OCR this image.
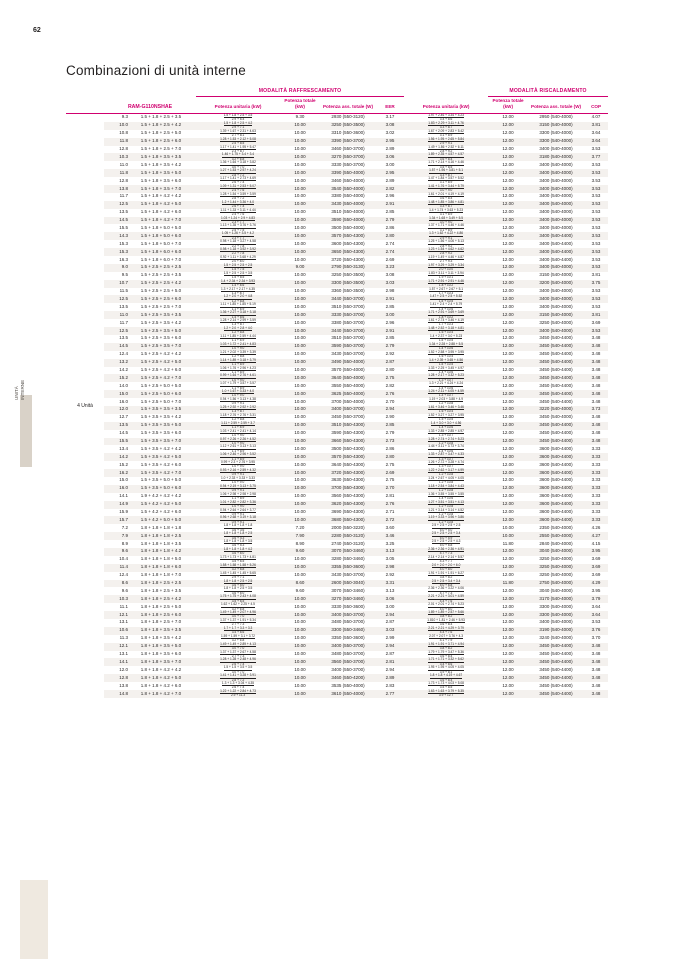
62
Combinazioni di unità interne
UNITÀ INTERNE
		MODALITÀ RAFFRESCAMENTO					MODALITÀ RISCALDAMENTO			
	RAM-G110NSHAE	Potenza unitaria (kW)	Potenza totale (kW)	Potenza ass. totale (W)	EER	Potenza unitaria (kW)	Potenza totale (kW)	Potenza ass. totale (W)	COP	
4 Unità	9.3 1.5 + 1.8 + 2.5 + 3.5	$\frac{1.5 + 1.8 + 2.5 + 3.5}{2.9 + 6.4}$	9.30	2930 (550-3120)	3.17	$\frac{1.97 + 2.46 + 3.34 + 4.23}{3.4 + 8.6}$	12.00	2950 (540-4000)	4.07	
	10.0 1.5 + 1.8 + 2.5 + 4.2	$\frac{1.5 + 1.8 + 2.5 + 4.2}{2.9 + 7.1}$	10.00	3250 (550-3500)	3.08	$\frac{1.83 + 2.29 + 3.11 + 4.76}{3.3 + 8.7}$	12.00	3150 (540-4000)	3.81	
	10.8 1.5 + 1.8 + 2.5 + 5.0	$\frac{1.39 + 1.67 + 2.31 + 4.63}{2.7 + 8.1}$	10.00	3310 (550-3600)	3.02	$\frac{1.67 + 2.09 + 2.83 + 5.42}{3.1 + 8.9}$	12.00	3300 (540-4000)	3.64	
	11.8 1.5 + 1.8 + 2.5 + 6.0	$\frac{1.28 + 1.53 + 2.12 + 5.08}{2.5 + 8.5}$	10.00	3390 (550-3700)	2.95	$\frac{1.56 + 1.95 + 2.65 + 5.84}{2.9 + 9.1}$	12.00	3300 (540-4000)	3.64	
	12.8 1.5 + 1.8 + 2.5 + 7.0	$\frac{1.17 + 1.41 + 1.95 + 5.47}{2.3 + 8.7}$	10.00	3460 (550-3700)	2.89	$\frac{1.49 + 1.86 + 2.52 + 6.11}{2.8 + 9.2}$	12.00	3400 (540-4000)	3.53	
	10.3 1.5 + 1.8 + 3.5 + 3.5	$\frac{1.46 + 1.75 + 3.4 + 3.4}{3.2 + 6.8}$	10.00	3270 (550-3700)	3.06	$\frac{1.89 + 2.35 + 4.57 + 4.57}{3.6 + 8.4}$	12.00	3180 (540-4000)	3.77	
	11.0 1.5 + 1.8 + 3.5 + 4.2	$\frac{1.36 + 1.64 + 3.18 + 3.82}{3.0 + 7.0}$	10.00	3330 (550-3700)	3.00	$\frac{1.71 + 2.14 + 4.16 + 4.46}{3.5 + 8.5}$	12.00	3400 (540-4000)	3.53	
	11.8 1.5 + 1.8 + 3.5 + 5.0	$\frac{1.27 + 1.53 + 2.97 + 4.24}{2.8 + 7.2}$	10.00	3390 (550-4000)	2.95	$\frac{1.57 + 1.96 + 3.81 + 5.1}{3.3 + 8.7}$	12.00	3400 (540-4000)	3.53	
	12.8 1.5 + 1.8 + 3.5 + 6.0	$\frac{1.17 + 1.41 + 2.73 + 4.69}{2.6 + 7.4}$	10.00	3460 (550-4000)	2.89	$\frac{1.47 + 1.84 + 3.57 + 5.52}{3.1 + 8.9}$	12.00	3400 (540-4000)	3.53	
	13.8 1.5 + 1.8 + 3.5 + 7.0	$\frac{1.09 + 1.31 + 2.53 + 5.07}{2.4 + 7.6}$	10.00	3540 (550-4000)	2.82	$\frac{1.41 + 1.76 + 3.44 + 5.79}{3.0 + 9.0}$	12.00	3400 (540-4000)	3.53	
	11.7 1.5 + 1.8 + 4.2 + 4.2	$\frac{1.28 + 1.54 + 3.59 + 3.59}{2.8 + 7.2}$	10.00	3380 (550-4000)	2.96	$\frac{1.61 + 2.01 + 4.19 + 4.19}{3.6 + 8.4}$	12.00	3400 (540-4000)	3.53	
	12.5 1.5 + 1.8 + 4.2 + 5.0	$\frac{1.2 + 1.44 + 3.36 + 4.0}{2.6 + 7.4}$	10.00	3430 (550-4000)	2.91	$\frac{1.48 + 1.85 + 3.86 + 4.81}{3.3 + 8.7}$	12.00	3400 (540-4000)	3.53	
	13.5 1.5 + 1.8 + 4.2 + 6.0	$\frac{1.11 + 1.33 + 3.11 + 4.44}{2.4 + 7.6}$	10.00	3510 (550-4000)	2.85	$\frac{1.4 + 1.74 + 3.63 + 5.23}{3.1 + 8.9}$	12.00	3400 (540-4000)	3.53	
	14.5 1.5 + 1.8 + 4.2 + 7.0	$\frac{1.03 + 1.24 + 2.9 + 4.83}{2.3 + 7.7}$	10.00	3590 (550-4000)	2.79	$\frac{1.34 + 1.68 + 3.49 + 5.5}{3.0 + 9.0}$	12.00	3400 (540-4000)	3.53	
	15.5 1.5 + 1.8 + 5.0 + 5.0	$\frac{1.13 + 1.35 + 3.76 + 3.76}{2.5 + 7.5}$	10.00	3500 (550-4000)	2.86	$\frac{1.37 + 1.71 + 4.46 + 4.46}{3.1 + 8.9}$	12.00	3400 (540-4000)	3.53	
	14.3 1.5 + 1.8 + 5.0 + 6.0	$\frac{1.05 + 1.26 + 3.5 + 4.2}{2.3 + 7.7}$	10.00	3570 (550-4300)	2.80	$\frac{1.3 + 1.62 + 4.22 + 4.86}{2.9 + 9.1}$	12.00	3400 (540-4400)	3.53	
	15.3 1.5 + 1.8 + 5.0 + 7.0	$\frac{0.98 + 1.18 + 3.27 + 4.58}{2.2 + 7.8}$	10.00	3600 (550-4300)	2.74	$\frac{1.25 + 1.56 + 4.06 + 5.13}{2.8 + 9.2}$	12.00	3400 (540-4400)	3.53	
	15.3 1.5 + 1.8 + 6.0 + 6.0	$\frac{0.98 + 1.18 + 3.92 + 3.92}{2.2 + 7.8}$	10.00	3650 (550-4300)	2.74	$\frac{1.23 + 1.54 + 4.62 + 4.62}{2.8 + 9.2}$	12.00	3400 (540-4400)	3.53	
	16.3 1.5 + 1.8 + 6.0 + 7.0	$\frac{0.92 + 1.11 + 3.68 + 4.29}{2.0 + 8.0}$	10.00	3720 (550-4300)	2.69	$\frac{1.19 + 1.49 + 4.46 + 4.87}{2.7 + 9.3}$	12.00	3400 (540-4400)	3.53	
	9.0 1.5 + 2.5 + 2.5 + 2.5	$\frac{1.5 + 2.5 + 2.5 + 2.5}{1.5 + 7.5}$	9.00	2790 (550-3130)	3.23	$\frac{1.97 + 3.29 + 3.29 + 3.34}{2.0 + 10.0}$	12.00	3400 (540-4000)	3.53	
	9.5 1.5 + 2.5 + 2.5 + 3.5	$\frac{1.5 + 2.5 + 2.5 + 3.5}{1.5 + 8.5}$	10.00	3250 (550-3500)	3.08	$\frac{1.83 + 3.11 + 3.11 + 3.94}{1.9 + 10.1}$	12.00	3150 (540-4000)	3.81	
	10.7 1.5 + 2.5 + 2.5 + 4.2	$\frac{1.4 + 2.34 + 2.34 + 3.93}{1.4 + 8.6}$	10.00	3300 (550-3500)	3.03	$\frac{1.71 + 2.91 + 2.91 + 4.46}{1.8 + 10.2}$	12.00	3200 (540-4000)	3.75	
	11.5 1.5 + 2.5 + 2.5 + 5.0	$\frac{1.3 + 2.17 + 2.17 + 4.35}{1.3 + 8.7}$	10.00	3360 (550-3500)	2.98	$\frac{1.57 + 2.67 + 2.67 + 5.1}{1.7 + 10.3}$	12.00	3400 (540-4000)	3.53	
	12.5 1.5 + 2.5 + 2.5 + 6.0	$\frac{1.2 + 2.0 + 2.0 + 4.8}{1.2 + 8.8}$	10.00	3440 (550-3700)	2.91	$\frac{1.47 + 2.5 + 2.5 + 5.52}{1.5 + 10.5}$	12.00	3400 (540-4000)	3.53	
	13.5 1.5 + 2.5 + 2.5 + 7.0	$\frac{1.11 + 1.85 + 1.85 + 5.19}{1.1 + 8.9}$	10.00	3510 (550-3700)	2.85	$\frac{1.41 + 2.4 + 2.4 + 5.79}{1.4 + 10.6}$	12.00	3400 (540-4000)	3.53	
	11.0 1.5 + 2.5 + 3.5 + 3.5	$\frac{1.36 + 2.27 + 3.18 + 3.18}{1.4 + 8.6}$	10.00	3330 (550-3700)	3.00	$\frac{1.71 + 2.91 + 3.69 + 3.69}{1.8 + 10.2}$	12.00	3150 (540-4000)	3.81	
	11.7 1.5 + 2.5 + 3.5 + 4.2	$\frac{1.28 + 2.14 + 2.99 + 3.59}{1.3 + 8.7}$	10.00	3380 (550-3700)	2.96	$\frac{1.61 + 2.74 + 3.46 + 4.19}{1.7 + 10.3}$	12.00	3250 (540-4000)	3.69	
	12.5 1.5 + 2.5 + 3.5 + 5.0	$\frac{1.2 + 2.0 + 2.8 + 4.0}{1.2 + 8.8}$	10.00	3440 (550-3700)	2.91	$\frac{1.48 + 2.52 + 3.18 + 4.81}{1.6 + 10.4}$	12.00	3400 (540-4000)	3.53	
	13.5 1.5 + 2.5 + 3.5 + 6.0	$\frac{1.11 + 1.85 + 2.59 + 4.44}{1.1 + 8.9}$	10.00	3510 (550-3700)	2.85	$\frac{1.4 + 2.37 + 3.0 + 5.23}{1.5 + 10.5}$	12.00	3450 (540-4400)	3.48	
	14.5 1.5 + 2.5 + 3.5 + 7.0	$\frac{1.03 + 1.72 + 2.41 + 4.83}{1.0 + 9.0}$	10.00	3590 (550-3700)	2.79	$\frac{1.34 + 2.28 + 2.88 + 5.5}{1.4 + 10.6}$	12.00	3450 (540-4400)	3.48	
	12.4 1.5 + 2.5 + 4.2 + 4.2	$\frac{1.21 + 2.02 + 3.39 + 3.39}{1.2 + 8.8}$	10.00	3430 (550-3700)	2.92	$\frac{1.52 + 2.58 + 3.95 + 3.95}{1.6 + 10.4}$	12.00	3450 (540-4400)	3.48	
	13.2 1.5 + 2.5 + 4.2 + 5.0	$\frac{1.14 + 1.89 + 3.18 + 3.79}{1.1 + 8.9}$	10.00	3490 (550-4000)	2.87	$\frac{1.4 + 2.39 + 3.65 + 4.56}{1.5 + 10.5}$	12.00	3450 (540-4400)	3.48	
	14.2 1.5 + 2.5 + 4.2 + 6.0	$\frac{1.06 + 1.76 + 2.96 + 4.23}{1.1 + 8.9}$	10.00	3570 (550-4000)	2.80	$\frac{1.33 + 2.25 + 3.45 + 4.97}{1.4 + 10.6}$	12.00	3450 (540-4400)	3.48	
	15.2 1.5 + 2.5 + 4.2 + 7.0	$\frac{0.99 + 1.64 + 2.76 + 4.61}{1.0 + 9.0}$	10.00	3640 (550-4000)	2.75	$\frac{1.28 + 2.17 + 3.32 + 5.23}{1.3 + 10.7}$	12.00	3450 (540-4400)	3.48	
	14.0 1.5 + 2.5 + 5.0 + 5.0	$\frac{1.07 + 1.79 + 3.57 + 3.57}{1.1 + 8.9}$	10.00	3550 (550-4000)	2.82	$\frac{1.3 + 2.21 + 4.24 + 4.24}{1.4 + 10.6}$	12.00	3450 (540-4400)	3.48	
	15.0 1.5 + 2.5 + 5.0 + 6.0	$\frac{1.0 + 1.67 + 3.33 + 4.0}{1.0 + 9.0}$	10.00	3625 (550-4000)	2.76	$\frac{1.24 + 2.11 + 4.05 + 4.59}{1.3 + 10.7}$	12.00	3450 (540-4400)	3.48	
	16.0 1.5 + 2.5 + 5.0 + 7.0	$\frac{0.94 + 1.56 + 3.13 + 4.38}{0.9 + 9.1}$	10.00	3700 (550-4000)	2.70	$\frac{1.19 + 2.03 + 3.88 + 4.9}{1.2 + 10.8}$	12.00	3450 (540-4400)	3.48	
	12.0 1.5 + 3.5 + 3.5 + 3.5	$\frac{1.25 + 2.92 + 2.92 + 2.92}{1.3 + 8.7}$	10.00	3400 (550-3700)	2.94	$\frac{1.61 + 3.46 + 3.46 + 3.46}{1.6 + 10.4}$	12.00	3220 (540-4000)	3.73	
	12.7 1.5 + 3.5 + 3.5 + 4.2	$\frac{1.18 + 2.76 + 2.76 + 3.31}{1.2 + 8.8}$	10.00	3450 (550-3700)	2.90	$\frac{1.52 + 3.27 + 3.27 + 3.95}{1.5 + 10.5}$	12.00	3450 (540-4000)	3.48	
	13.5 1.5 + 3.5 + 3.5 + 5.0	$\frac{1.11 + 2.59 + 2.59 + 3.7}{1.1 + 8.9}$	10.00	3510 (550-4300)	2.85	$\frac{1.4 + 3.0 + 3.0 + 4.56}{1.4 + 10.6}$	12.00	3450 (540-4400)	3.48	
	14.5 1.5 + 3.5 + 3.5 + 6.0	$\frac{1.03 + 2.41 + 2.41 + 4.14}{1.0 + 9.0}$	10.00	3590 (550-4300)	2.79	$\frac{1.33 + 2.85 + 2.85 + 4.97}{1.3 + 10.7}$	12.00	3450 (540-4400)	3.48	
	15.5 1.5 + 3.5 + 3.5 + 7.0	$\frac{0.97 + 2.26 + 2.26 + 4.52}{1.0 + 9.0}$	10.00	3660 (550-4300)	2.73	$\frac{1.28 + 2.74 + 2.74 + 5.23}{1.2 + 10.8}$	12.00	3450 (540-4400)	3.48	
	13.4 1.5 + 3.5 + 4.2 + 4.2	$\frac{1.12 + 2.61 + 3.13 + 3.13}{1.1 + 8.9}$	10.00	3500 (550-4300)	2.86	$\frac{1.44 + 3.11 + 3.73 + 3.74}{1.4 + 10.6}$	12.00	3600 (540-4400)	3.33	
	14.2 1.5 + 3.5 + 4.2 + 5.0	$\frac{1.06 + 2.46 + 2.96 + 3.52}{1.1 + 8.9}$	10.00	3570 (550-4300)	2.80	$\frac{1.33 + 2.87 + 3.47 + 4.33}{1.3 + 10.7}$	12.00	3600 (540-4400)	3.33	
	15.2 1.5 + 3.5 + 4.2 + 6.0	$\frac{0.99 + 2.3 + 2.76 + 3.95}{1.0 + 9.0}$	10.00	3640 (550-4300)	2.75	$\frac{1.26 + 2.72 + 3.28 + 4.74}{1.3 + 10.7}$	12.00	3600 (540-4400)	3.33	
	16.2 1.5 + 3.5 + 4.2 + 7.0	$\frac{0.93 + 2.16 + 2.59 + 4.32}{0.9 + 9.1}$	10.00	3720 (550-4300)	2.69	$\frac{1.22 + 2.62 + 3.17 + 4.99}{1.2 + 10.8}$	12.00	3600 (540-4400)	3.33	
	15.0 1.5 + 3.5 + 5.0 + 5.0	$\frac{1.0 + 2.33 + 3.33 + 3.33}{1.0 + 9.0}$	10.00	3630 (550-4300)	2.75	$\frac{1.24 + 2.67 + 4.05 + 4.05}{1.2 + 10.8}$	12.00	3600 (540-4400)	3.33	
	16.0 1.5 + 3.5 + 5.0 + 6.0	$\frac{0.94 + 2.19 + 3.13 + 3.75}{0.9 + 9.1}$	10.00	3700 (550-4300)	2.70	$\frac{1.18 + 2.54 + 3.84 + 4.43}{1.2 + 10.8}$	12.00	3600 (540-4400)	3.33	
	14.1 1.9 + 4.2 + 4.2 + 4.2	$\frac{1.06 + 2.98 + 2.98 + 2.98}{1.1 + 8.9}$	10.00	3560 (550-4300)	2.81	$\frac{1.36 + 3.55 + 3.55 + 3.55}{1.4 + 10.6}$	12.00	3600 (540-4400)	3.33	
	14.9 1.5 + 4.2 + 4.2 + 5.0	$\frac{1.01 + 2.82 + 2.82 + 3.36}{1.0 + 9.0}$	10.00	3620 (550-4300)	2.76	$\frac{1.27 + 3.51 + 3.51 + 4.13}{1.2 + 10.8}$	12.00	3600 (540-4400)	3.33	
	15.9 1.5 + 4.2 + 4.2 + 6.0	$\frac{0.94 + 2.64 + 2.64 + 3.77}{0.9 + 9.1}$	10.00	3690 (550-4300)	2.71	$\frac{1.21 + 3.14 + 3.14 + 4.52}{1.2 + 10.8}$	12.00	3600 (540-4400)	3.33	
	15.7 1.5 + 4.2 + 5.0 + 5.0	$\frac{0.96 + 2.68 + 3.19 + 3.18}{0.9 + 9.1}$	10.00	3680 (550-4300)	2.72	$\frac{1.19 + 3.33 + 3.96 + 3.86}{1.2 + 10.8}$	12.00	3600 (540-4400)	3.33	
	7.2 1.8 + 1.8 + 1.8 + 1.8	$\frac{1.8 + 1.8 + 1.8 + 1.8}{3.6 + 3.6}$	7.20	2000 (550-3220)	3.60	$\frac{2.5 + 2.5 + 2.5 + 2.5}{5.0 + 5.0}$	10.00	2350 (540-4000)	4.26	
	7.9 1.8 + 1.8 + 1.8 + 2.5	$\frac{1.8 + 1.8 + 1.8 + 2.5}{3.6 + 4.3}$	7.90	2280 (550-3120)	3.46	$\frac{2.5 + 2.5 + 2.5 + 3.4}{5.0 + 5.9}$	10.00	2550 (540-4000)	4.27	
	8.9 1.8 + 1.8 + 1.8 + 3.5	$\frac{1.8 + 1.8 + 1.8 + 3.5}{3.6 + 5.3}$	8.90	2740 (550-3120)	3.25	$\frac{2.5 + 2.5 + 2.5 + 4.3}{5.0 + 6.8}$	11.80	2840 (540-4000)	4.15	
	9.6 1.8 + 1.8 + 1.8 + 4.2	$\frac{1.8 + 1.8 + 1.8 + 4.2}{3.6 + 6.0}$	9.60	3070 (550-3460)	3.13	$\frac{2.36 + 2.36 + 2.36 + 4.91}{4.7 + 7.3}$	12.00	3040 (540-4000)	3.95	
	10.4 1.8 + 1.8 + 1.8 + 5.0	$\frac{1.73 + 1.73 + 1.73 + 4.81}{3.5 + 6.5}$	10.00	3280 (550-3460)	3.05	$\frac{2.14 + 2.14 + 2.14 + 5.57}{4.3 + 7.7}$	12.00	3250 (540-4000)	3.69	
	11.4 1.8 + 1.8 + 1.8 + 6.0	$\frac{1.58 + 1.58 + 1.58 + 5.26}{3.2 + 6.8}$	10.00	3355 (550-3600)	2.98	$\frac{2.0 + 2.0 + 2.0 + 6.0}{4.0 + 8.0}$	12.00	3250 (540-4000)	3.69	
	12.4 1.8 + 1.8 + 1.8 + 7.0	$\frac{1.45 + 1.45 + 1.45 + 5.65}{2.9 + 7.1}$	10.00	3430 (550-3700)	2.92	$\frac{1.91 + 1.91 + 1.91 + 6.27}{3.8 + 8.2}$	12.00	3250 (540-4000)	3.69	
	8.6 1.8 + 1.8 + 2.5 + 2.5	$\frac{1.8 + 1.8 + 2.5 + 2.5}{3.6 + 5.0}$	8.60	2600 (550-3040)	3.31	$\frac{2.5 + 2.5 + 3.4 + 3.4}{5.0 + 6.8}$	11.80	2750 (540-4000)	4.29	
	9.6 1.8 + 1.8 + 2.5 + 3.5	$\frac{1.8 + 1.8 + 2.5 + 3.5}{3.6 + 6.0}$	9.60	3070 (550-3460)	3.13	$\frac{2.36 + 2.36 + 3.22 + 4.06}{4.7 + 7.3}$	12.00	3040 (540-4000)	3.95	
	10.3 1.8 + 1.8 + 2.5 + 4.2	$\frac{1.75 + 1.75 + 2.43 + 4.08}{3.5 + 6.5}$	10.00	3270 (550-3460)	3.06	$\frac{2.21 + 2.21 + 3.01 + 4.59}{4.4 + 7.6}$	12.00	3170 (540-4000)	3.79	
	11.1 1.8 + 1.8 + 2.5 + 5.0	$\frac{1.62 + 1.62 + 2.25 + 4.5}{3.2 + 6.8}$	10.00	3330 (550-3600)	3.00	$\frac{2.01 + 2.01 + 2.74 + 5.23}{4.0 + 8.0}$	12.00	3300 (540-4000)	3.64	
	12.1 1.8 + 1.8 + 2.5 + 6.0	$\frac{1.49 + 1.49 + 2.07 + 4.96}{3.0 + 7.0}$	10.00	3400 (550-3700)	2.94	$\frac{1.89 + 1.89 + 2.57 + 5.66}{3.8 + 8.2}$	12.00	3300 (540-4000)	3.64	
	13.1 1.8 + 1.8 + 2.5 + 7.0	$\frac{1.37 + 1.37 + 1.91 + 5.34}{2.7 + 7.3}$	10.00	3480 (550-3700)	2.87	$\frac{1.810 + 1.81 + 2.46 + 5.93}{3.6 + 8.4}$	12.00	3400 (540-4000)	3.53	
	10.6 1.8 + 1.8 + 3.5 + 3.5	$\frac{1.7 + 1.7 + 3.3 + 3.3}{3.4 + 6.6}$	10.00	3300 (550-3460)	3.03	$\frac{2.21 + 2.21 + 4.29 + 3.79}{4.4 + 7.6}$	12.00	3190 (540-4000)	3.76	
	11.3 1.8 + 1.8 + 3.5 + 4.2	$\frac{1.59 + 1.59 + 3.1 + 3.72}{3.2 + 6.8}$	10.00	3350 (550-3600)	2.99	$\frac{2.07 + 2.07 + 3.76 + 4.3}{4.1 + 7.9}$	12.00	3240 (540-4000)	3.70	
	12.1 1.8 + 1.8 + 3.5 + 5.0	$\frac{1.49 + 1.49 + 2.89 + 4.13}{3.0 + 7.0}$	10.00	3400 (550-3700)	2.94	$\frac{1.91 + 1.91 + 3.71 + 4.94}{3.8 + 8.2}$	12.00	3450 (540-4400)	3.48	
	13.1 1.8 + 1.8 + 3.5 + 6.0	$\frac{1.37 + 1.37 + 2.67 + 4.58}{2.7 + 7.3}$	10.00	3480 (550-3700)	2.87	$\frac{1.79 + 1.79 + 3.47 + 5.36}{3.6 + 8.4}$	12.00	3450 (540-4400)	3.48	
	14.1 1.8 + 1.8 + 3.5 + 7.0	$\frac{1.28 + 1.28 + 2.48 + 4.96}{2.6 + 7.4}$	10.00	3560 (550-3700)	2.81	$\frac{1.71 + 1.71 + 3.32 + 5.62}{3.4 + 8.6}$	12.00	3450 (540-4400)	3.48	
	12.0 1.8 + 1.8 + 4.2 + 4.2	$\frac{1.5 + 1.5 + 3.5 + 3.5}{3.0 + 7.0}$	10.00	3400 (550-3700)	2.94	$\frac{1.95 + 1.95 + 4.05 + 4.05}{3.9 + 8.1}$	12.00	3450 (540-4400)	3.48	
	12.8 1.8 + 1.8 + 4.2 + 5.0	$\frac{1.41 + 1.41 + 3.28 + 3.91}{2.8 + 7.2}$	10.00	3460 (550-4200)	2.89	$\frac{1.8 + 1.8 + 4.19 + 4.67}{3.6 + 8.4}$	12.00	3450 (540-4400)	3.48	
	13.8 1.8 + 1.8 + 4.2 + 6.0	$\frac{1.3 + 1.3 + 3.04 + 4.35}{2.6 + 7.4}$	10.00	3535 (550-4000)	2.83	$\frac{1.73 + 1.73 + 4.03 + 5.08}{3.5 + 8.5}$	12.00	3450 (540-4400)	3.48	
	14.8 1.8 + 1.8 + 4.2 + 7.0	$\frac{1.22 + 1.22 + 2.84 + 4.73}{2.9 + 11.3}$	10.00	3610 (550-4000)	2.77	$\frac{1.63 + 1.63 + 3.79 + 5.35}{3.9 + 12.7}$	12.00	3450 (540-4400)	3.48	
